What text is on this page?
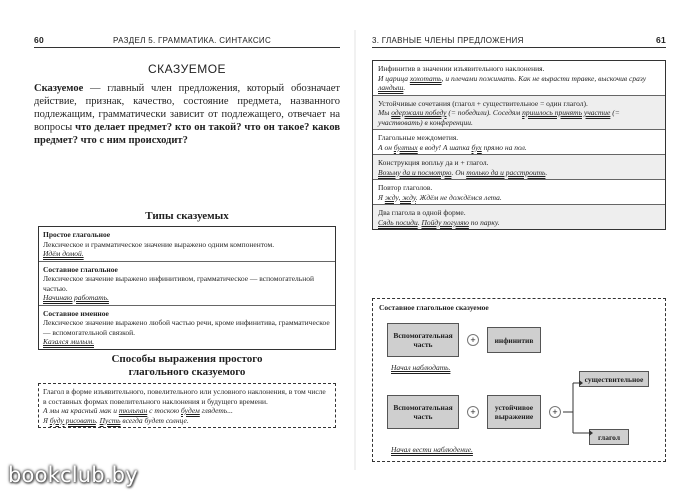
60	РАЗДЕЛ 5. ГРАММАТИКА. СИНТАКСИС
СКАЗУЕМОЕ
Сказуемое — главный член предложения, который обозначает действие, признак, качество, состояние предмета, названного подлежащим, грамматически зависит от подлежащего, отвечает на вопросы что делает предмет? кто он такой? что он такое? каков предмет? что с ним происходит?
Типы сказуемых
Простое глагольное
Лексическое и грамматическое значение выражено одним компонентом.
Идём домой.
Составное глагольное
Лексическое значение выражено инфинитивом, грамматическое — вспомогательной частью.
Начинаю работать.
Составное именное
Лексическое значение выражено любой частью речи, кроме инфинитива, грамматическое — вспомогательной связкой.
Казался милым.
Способы выражения простого
глагольного сказуемого
Глагол в форме изъявительного, повелительного или условного наклонения, в том числе в составных формах повелительного наклонения и будущего времени.
А мы на красный мак и тюльпан с тоскою будем глядеть...
Я буду рисовать. Пусть всегда будет солнце.
3. ГЛАВНЫЕ ЧЛЕНЫ ПРЕДЛОЖЕНИЯ	61
Инфинитив в значении изъявительного наклонения.
И царица хохотать, и плечами пожимать. Как не вырасти травке, выскочив сразу ландыш.
Устойчивые сочетания (глагол + существительное = один глагол).
Мы одержали победу (= победили). Соседям пришлось принять участие (= участвовать) в конференции.
Глагольные междометия.
А он бултых в воду! А шапка бух прямо на пол.
Конструкция вопльу да и + глагол.
Возьму да и посмотрю. Он только да и расстроить.
Повтор глаголов.
Я жду, жду. Ждём не дождёмся лета.
Два глагола в одной форме.
Сядь посиди. Пойду погуляю по парку.
Составное глагольное сказуемое
Вспомогательная часть	+	инфинитив
Начал наблюдать.
Вспомогательная часть	+	устойчивое выражение	+
существительное
глагол
Начал вести наблюдение.
bookclub.by
